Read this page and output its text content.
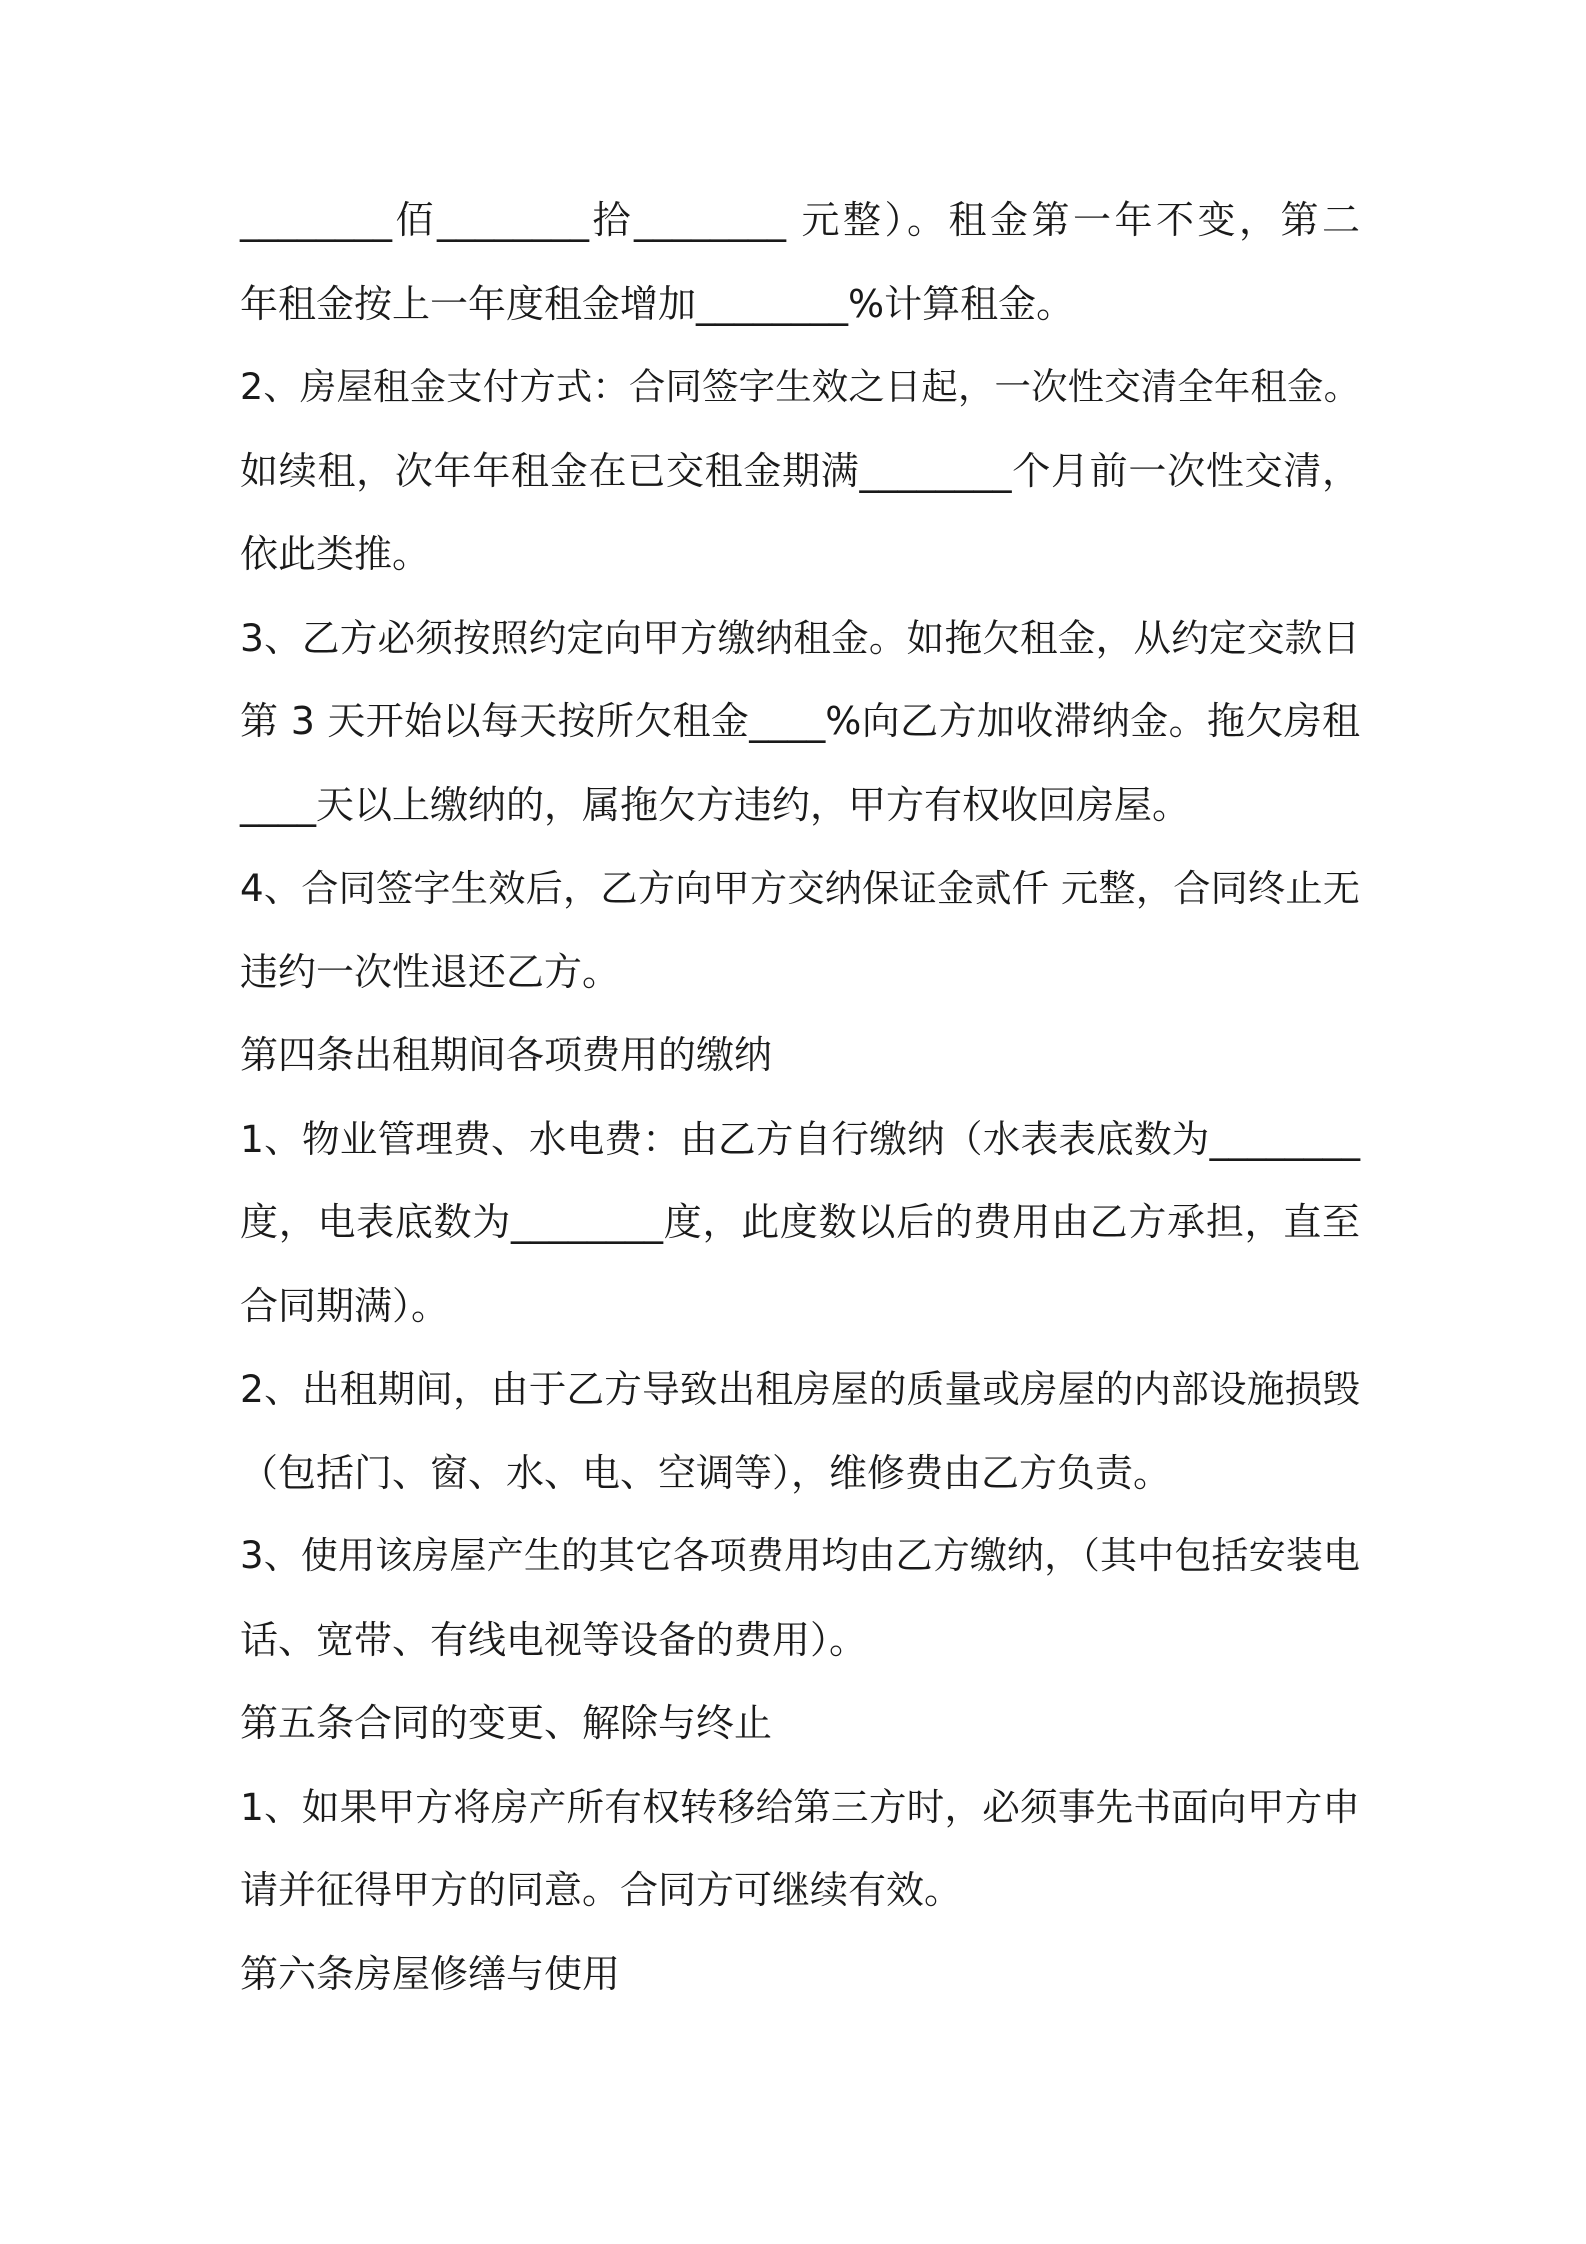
________佰________拾________ 元整）。租金第一年不变，第二
年租金按上一年度租金增加________%计算租金。
2、房屋租金支付方式：合同签字生效之日起，一次性交清全年租金。
如续租，次年年租金在已交租金期满________个月前一次性交清，
依此类推。
3、乙方必须按照约定向甲方缴纳租金。如拖欠租金，从约定交款日
第 3 天开始以每天按所欠租金____%向乙方加收滞纳金。拖欠房租
____天以上缴纳的，属拖欠方违约，甲方有权收回房屋。
4、合同签字生效后，乙方向甲方交纳保证金贰仟 元整，合同终止无
违约一次性退还乙方。
第四条出租期间各项费用的缴纳
1、物业管理费、水电费：由乙方自行缴纳（水表表底数为________
度，电表底数为________度，此度数以后的费用由乙方承担，直至
合同期满）。
2、出租期间，由于乙方导致出租房屋的质量或房屋的内部设施损毁
（包括门、窗、水、电、空调等），维修费由乙方负责。
3、使用该房屋产生的其它各项费用均由乙方缴纳，（其中包括安装电
话、宽带、有线电视等设备的费用）。
第五条合同的变更、解除与终止
1、如果甲方将房产所有权转移给第三方时，必须事先书面向甲方申
请并征得甲方的同意。合同方可继续有效。
第六条房屋修缮与使用
